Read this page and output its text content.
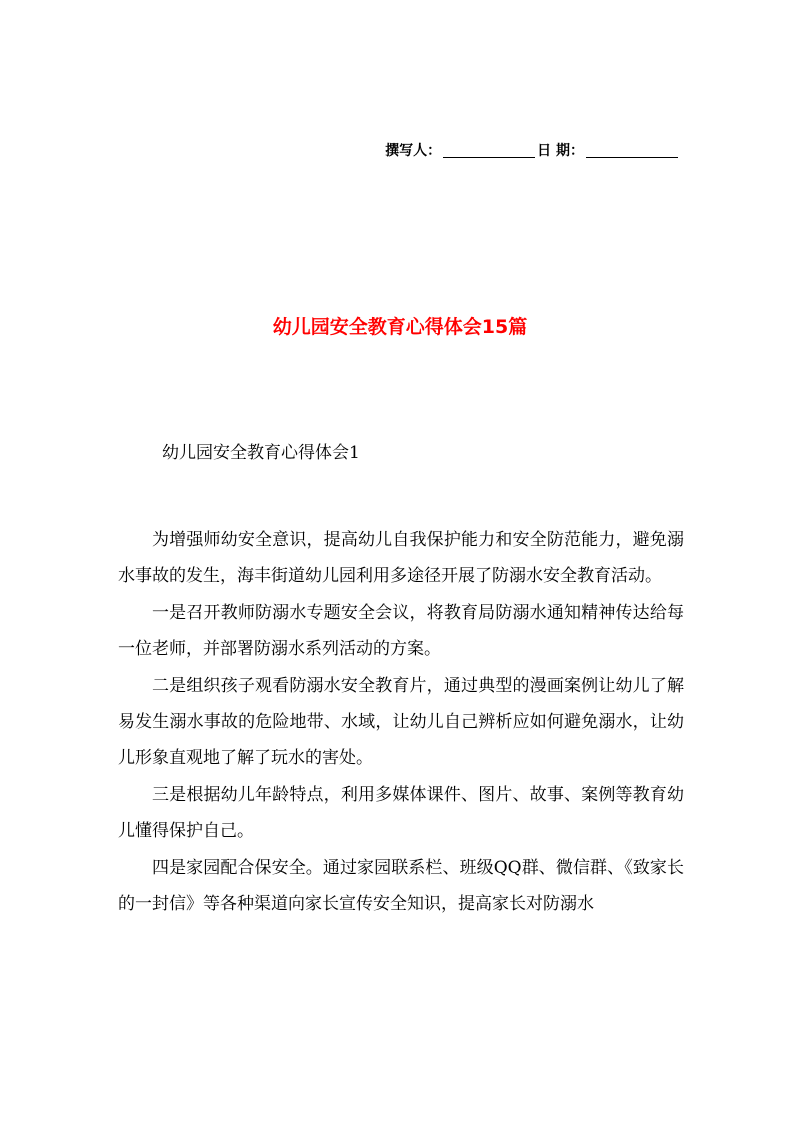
撰写人：	日 期：
幼儿园安全教育心得体会15篇
幼儿园安全教育心得体会1

为增强师幼安全意识，提高幼儿自我保护能力和安全防范能力，避免溺水事故的发生，海丰街道幼儿园利用多途径开展了防溺水安全教育活动。

一是召开教师防溺水专题安全会议，将教育局防溺水通知精神传达给每一位老师，并部署防溺水系列活动的方案。

二是组织孩子观看防溺水安全教育片，通过典型的漫画案例让幼儿了解易发生溺水事故的危险地带、水域，让幼儿自己辨析应如何避免溺水，让幼儿形象直观地了解了玩水的害处。

三是根据幼儿年龄特点，利用多媒体课件、图片、故事、案例等教育幼儿懂得保护自己。

四是家园配合保安全。通过家园联系栏、班级QQ群、微信群、《致家长的一封信》等各种渠道向家长宣传安全知识，提高家长对防溺水
